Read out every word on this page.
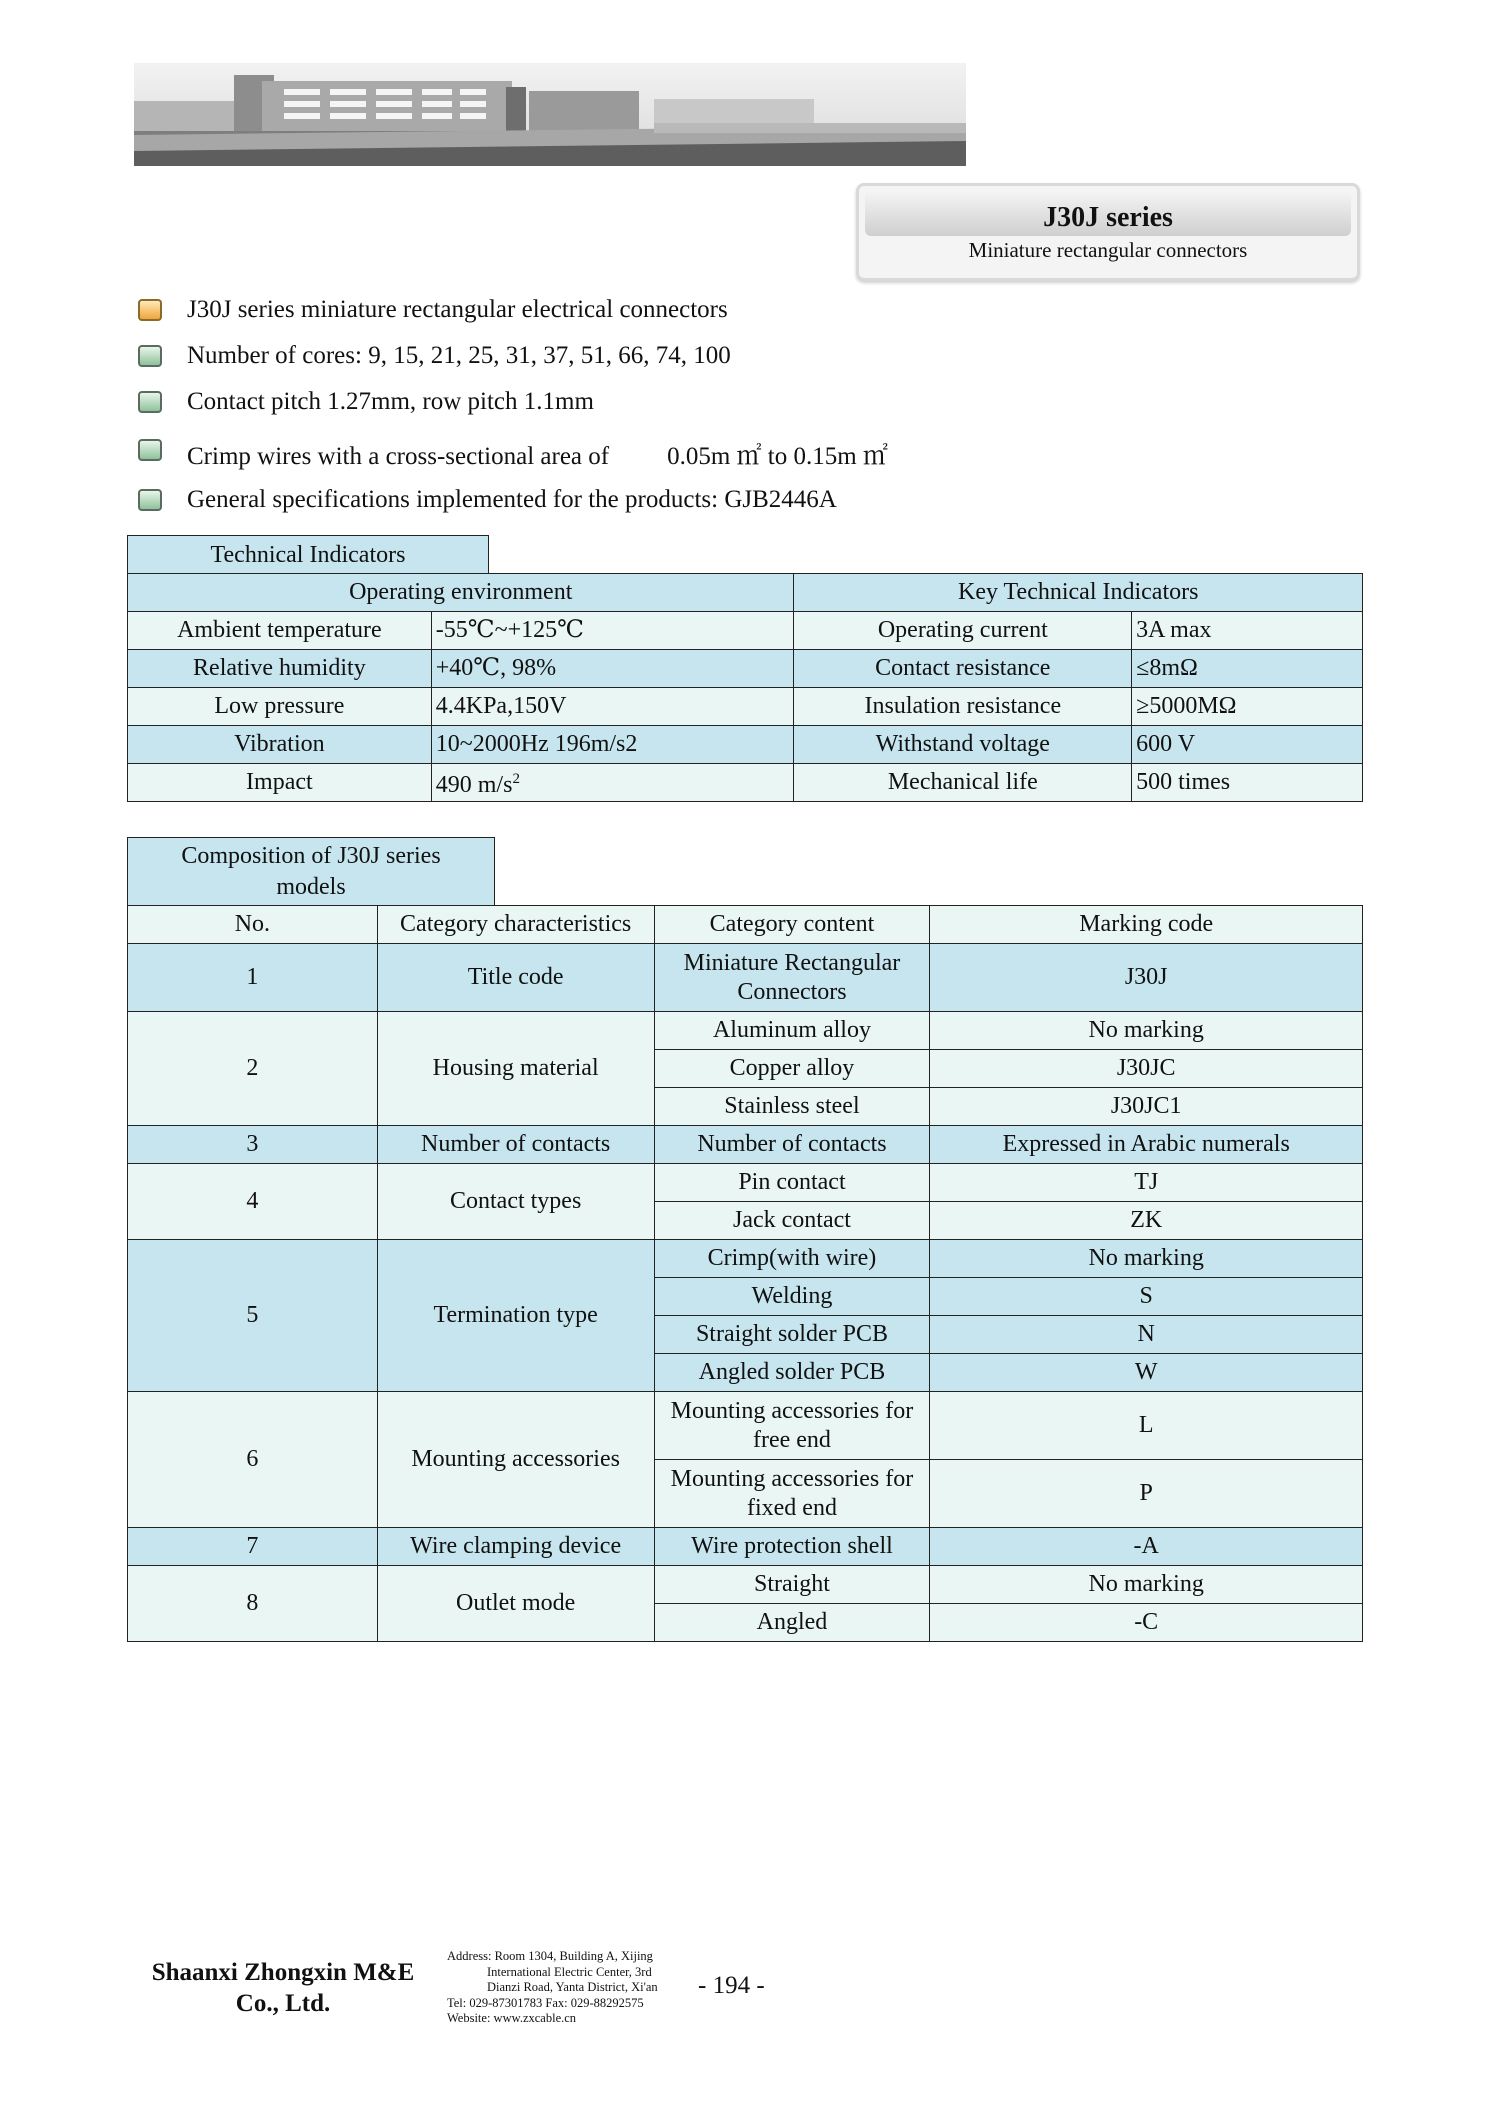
J30J series
Miniature rectangular connectors
J30J series miniature rectangular electrical connectors
Number of cores: 9, 15, 21, 25, 31, 37, 51, 66, 74, 100
Contact pitch 1.27mm, row pitch 1.1mm
Crimp wires with a cross-sectional area of 0.05m ㎡ to 0.15m ㎡
General specifications implemented for the products: GJB2446A
Technical Indicators
Operating environment		Key Technical Indicators	
Ambient temperature	-55℃~+125℃	Operating current	3A max
Relative humidity	+40℃, 98%	Contact resistance	≤8mΩ
Low pressure	4.4KPa,150V	Insulation resistance	≥5000MΩ
Vibration	10~2000Hz 196m/s2	Withstand voltage	600 V
Impact	490 $m/s^2$	Mechanical life	500 times
Composition of J30J series
models
No.	Category characteristics	Category content	Marking code
1	Title code	Miniature Rectangular Connectors	J30J
2	Housing material	Aluminum alloy	No marking
		Copper alloy	J30JC
		Stainless steel	J30JC1
3	Number of contacts	Number of contacts	Expressed in Arabic numerals
4	Contact types	Pin contact	TJ
		Jack contact	ZK
5	Termination type	Crimp(with wire)	No marking
		Welding	S
		Straight solder PCB	N
		Angled solder PCB	W
6	Mounting accessories	Mounting accessories for free end	L
		Mounting accessories for fixed end	P
7	Wire clamping device	Wire protection shell	-A
8	Outlet mode	Straight	No marking
		Angled	-C
Shaanxi Zhongxin M&E
Co., Ltd.
Address: Room 1304, Building A, Xijing
International Electric Center, 3rd
Dianzi Road, Yanta District, Xi'an
Tel: 029-87301783 Fax: 029-88292575
Website: www.zxcable.cn
- 194 -
